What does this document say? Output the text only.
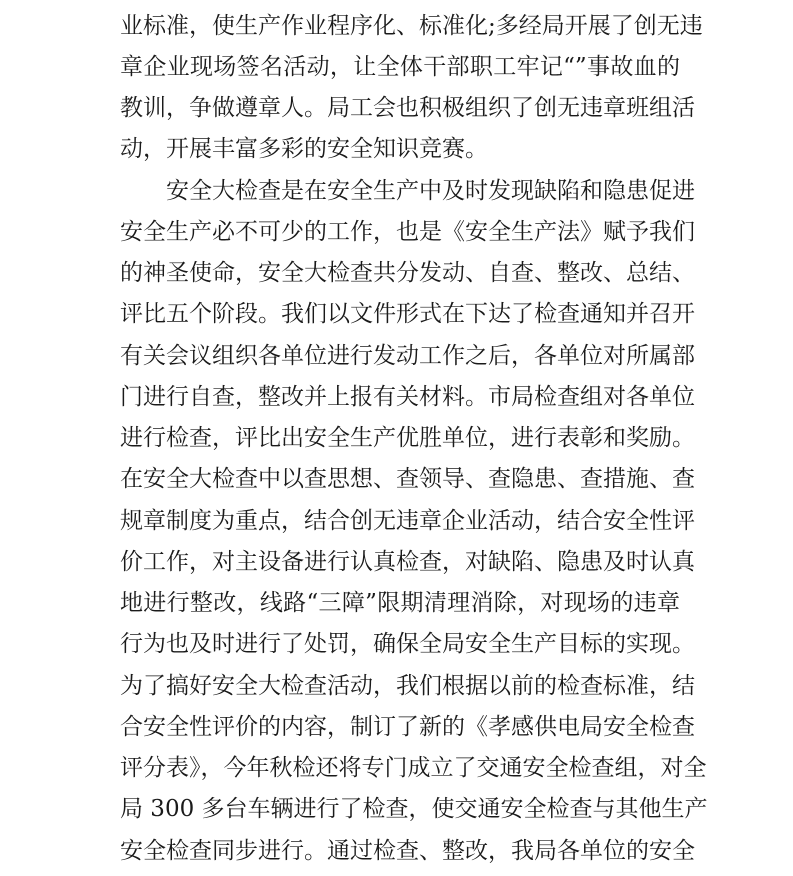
业标准，使生产作业程序化、标准化;多经局开展了创无违
章企业现场签名活动，让全体干部职工牢记“”事故血的
教训，争做遵章人。局工会也积极组织了创无违章班组活
动，开展丰富多彩的安全知识竞赛。
　　安全大检查是在安全生产中及时发现缺陷和隐患促进
安全生产必不可少的工作，也是《安全生产法》赋予我们
的神圣使命，安全大检查共分发动、自查、整改、总结、
评比五个阶段。我们以文件形式在下达了检查通知并召开
有关会议组织各单位进行发动工作之后，各单位对所属部
门进行自查，整改并上报有关材料。市局检查组对各单位
进行检查，评比出安全生产优胜单位，进行表彰和奖励。
在安全大检查中以查思想、查领导、查隐患、查措施、查
规章制度为重点，结合创无违章企业活动，结合安全性评
价工作，对主设备进行认真检查，对缺陷、隐患及时认真
地进行整改，线路“三障”限期清理消除，对现场的违章
行为也及时进行了处罚，确保全局安全生产目标的实现。
为了搞好安全大检查活动，我们根据以前的检查标准，结
合安全性评价的内容，制订了新的《孝感供电局安全检查
评分表》，今年秋检还将专门成立了交通安全检查组，对全
局 300 多台车辆进行了检查，使交通安全检查与其他生产
安全检查同步进行。通过检查、整改，我局各单位的安全
